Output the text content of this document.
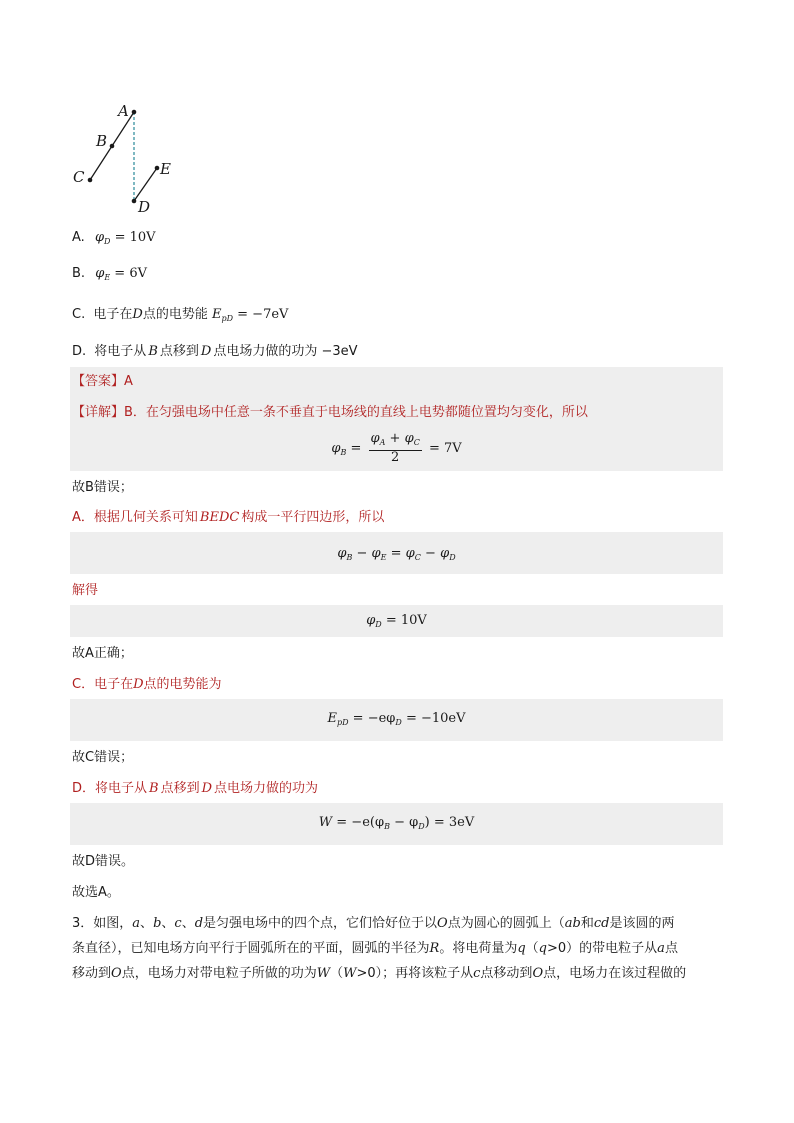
A
B
C
D
E
A. $\varphi_D = 10V$
B. $\varphi_E = 6V$
C. 电子在D点的电势能 $E_{pD} = -7eV$
D. 将电子从 B 点移到 D 点电场力做的功为 −3eV
【答案】A
【详解】B．在匀强电场中任意一条不垂直于电场线的直线上电势都随位置均匀变化，所以
$\varphi_B = \frac{\varphi_A + \varphi_C}{2} = 7V$
故B错误；
A．根据几何关系可知 BEDC 构成一平行四边形，所以
$\varphi_B - \varphi_E = \varphi_C - \varphi_D$
解得
$\varphi_D = 10V$
故A正确；
C．电子在D点的电势能为
$E_{pD} = -e\varphi_D = -10eV$
故C错误；
D．将电子从 B 点移到 D 点电场力做的功为
$W = -e(\varphi_B - \varphi_D) = 3eV$
故D错误。
故选A。
3．如图，a、b、c、d是匀强电场中的四个点，它们恰好位于以O点为圆心的圆弧上（ab和cd是该圆的两
条直径），已知电场方向平行于圆弧所在的平面，圆弧的半径为R。将电荷量为q（q>0）的带电粒子从a点
移动到O点，电场力对带电粒子所做的功为W（W>0）；再将该粒子从c点移动到O点，电场力在该过程做的
